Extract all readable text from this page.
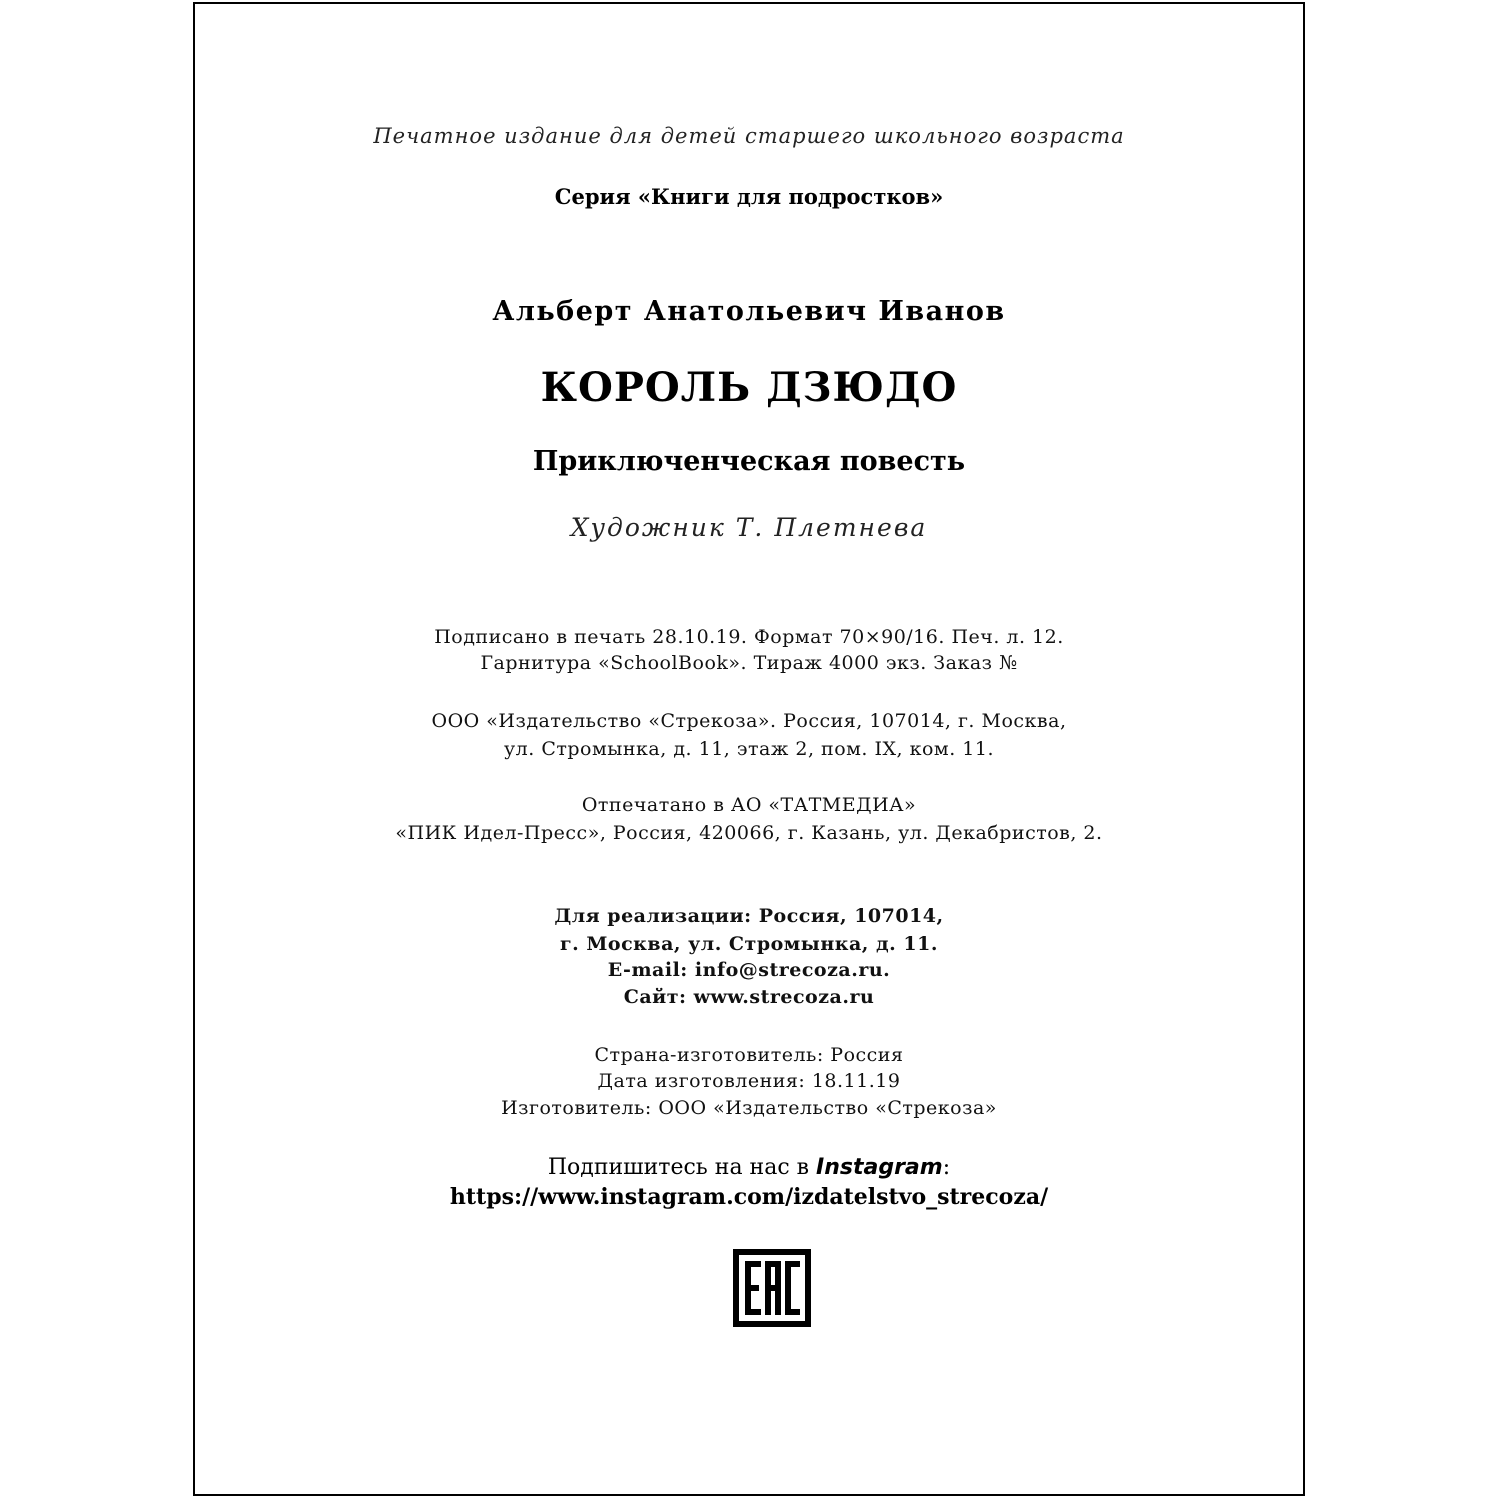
Печатное издание для детей старшего школьного возраста
Серия «Книги для подростков»
Альберт Анатольевич Иванов
КОРОЛЬ ДЗЮДО
Приключенческая повесть
Художник Т. Плетнева
Подписано в печать 28.10.19. Формат 70×90/16. Печ. л. 12.
Гарнитура «SchoolBook». Тираж 4000 экз. Заказ №
ООО «Издательство «Стрекоза». Россия, 107014, г. Москва,
ул. Стромынка, д. 11, этаж 2, пом. IX, ком. 11.
Отпечатано в АО «ТАТМЕДИА»
«ПИК Идел-Пресс», Россия, 420066, г. Казань, ул. Декабристов, 2.
Для реализации: Россия, 107014,
г. Москва, ул. Стромынка, д. 11.
E-mail: info@strecoza.ru.
Сайт: www.strecoza.ru
Страна-изготовитель: Россия
Дата изготовления: 18.11.19
Изготовитель: ООО «Издательство «Стрекоза»
Подпишитесь на нас в Instagram:
https://www.instagram.com/izdatelstvo_strecoza/
